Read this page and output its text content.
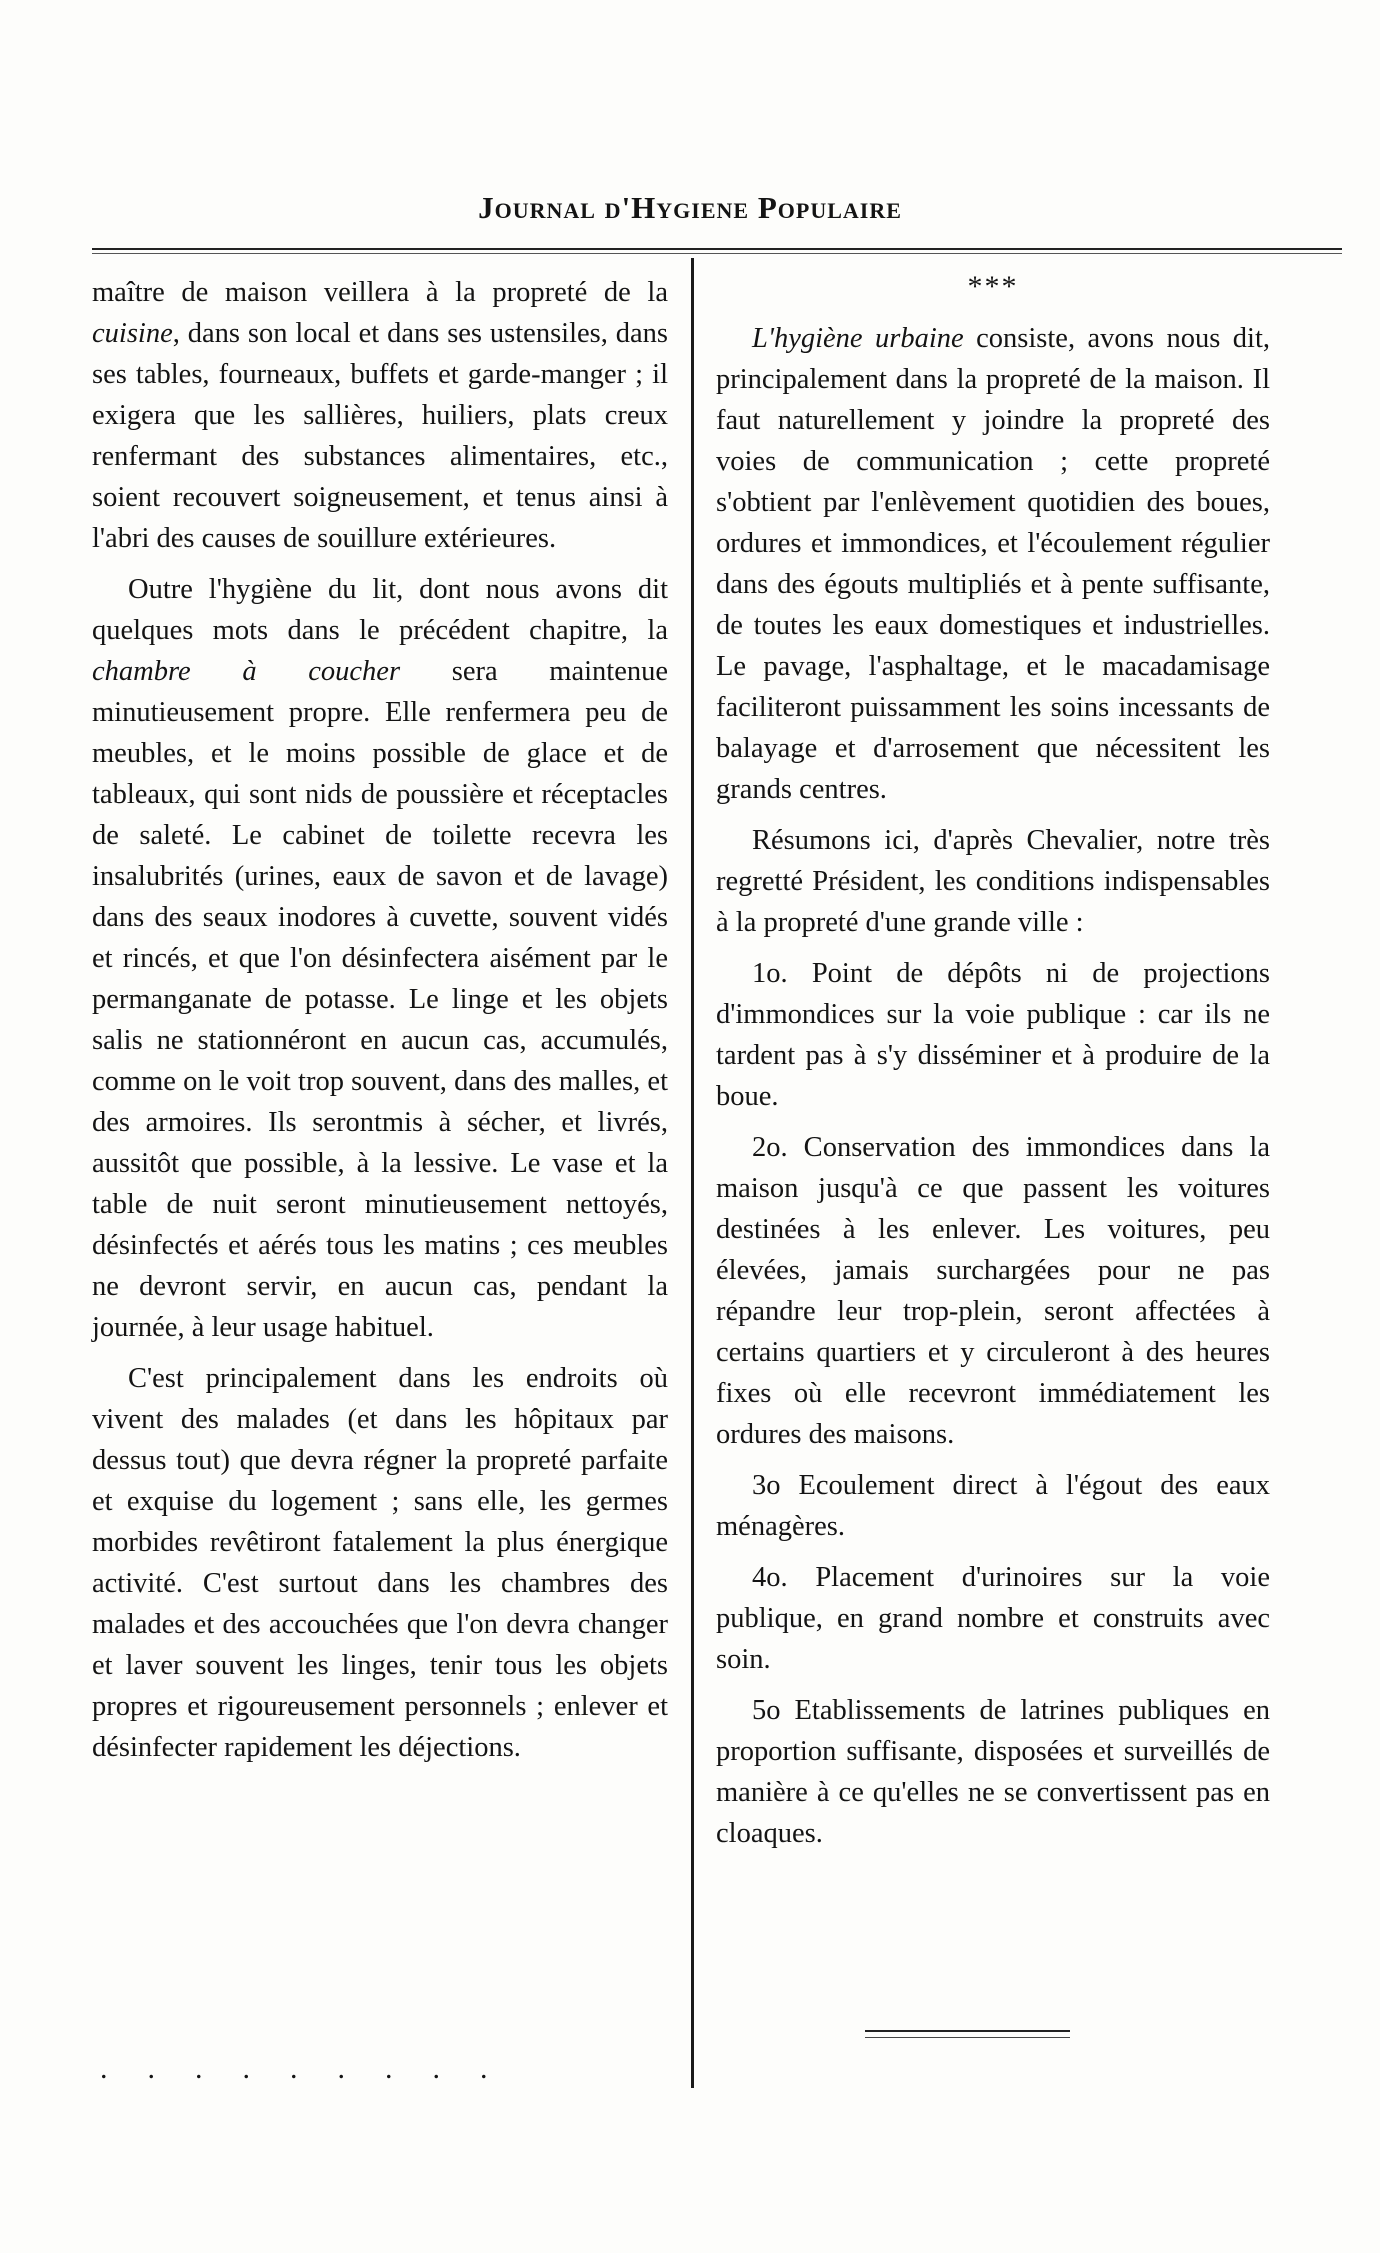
Journal d'Hygiene Populaire

maître de maison veillera à la propreté de la cuisine, dans son local et dans ses ustensiles, dans ses tables, fourneaux, buffets et garde-manger ; il exigera que les sallières, huiliers, plats creux renfermant des substances alimentaires, etc., soient recouvert soigneusement, et tenus ainsi à l'abri des causes de souillure extérieures.

Outre l'hygiène du lit, dont nous avons dit quelques mots dans le précédent chapitre, la chambre à coucher sera maintenue minutieusement propre. Elle renfermera peu de meubles, et le moins possible de glace et de tableaux, qui sont nids de poussière et réceptacles de saleté. Le cabinet de toilette recevra les insalubrités (urines, eaux de savon et de lavage) dans des seaux inodores à cuvette, souvent vidés et rincés, et que l'on désinfectera aisément par le permanganate de potasse. Le linge et les objets salis ne stationnéront en aucun cas, accumulés, comme on le voit trop souvent, dans des malles, et des armoires. Ils serontmis à sécher, et livrés, aussitôt que possible, à la lessive. Le vase et la table de nuit seront minutieusement nettoyés, désinfectés et aérés tous les matins ; ces meubles ne devront servir, en aucun cas, pendant la journée, à leur usage habituel.

C'est principalement dans les endroits où vivent des malades (et dans les hôpitaux par dessus tout) que devra régner la propreté parfaite et exquise du logement ; sans elle, les germes morbides revêtiront fatalement la plus énergique activité. C'est surtout dans les chambres des malades et des accouchées que l'on devra changer et laver souvent les linges, tenir tous les objets propres et rigoureusement personnels ; enlever et désinfecter rapidement les déjections.

.........
***

L'hygiène urbaine consiste, avons nous dit, principalement dans la propreté de la maison. Il faut naturellement y joindre la propreté des voies de communication ; cette propreté s'obtient par l'enlèvement quotidien des boues, ordures et immondices, et l'écoulement régulier dans des égouts multipliés et à pente suffisante, de toutes les eaux domestiques et industrielles. Le pavage, l'asphaltage, et le macadamisage faciliteront puissamment les soins incessants de balayage et d'arrosement que nécessitent les grands centres.

Résumons ici, d'après Chevalier, notre très regretté Président, les conditions indispensables à la propreté d'une grande ville :

1o. Point de dépôts ni de projections d'immondices sur la voie publique : car ils ne tardent pas à s'y disséminer et à produire de la boue.

2o. Conservation des immondices dans la maison jusqu'à ce que passent les voitures destinées à les enlever. Les voitures, peu élevées, jamais surchargées pour ne pas répandre leur trop-plein, seront affectées à certains quartiers et y circuleront à des heures fixes où elle recevront immédiatement les ordures des maisons.

3o Ecoulement direct à l'égout des eaux ménagères.

4o. Placement d'urinoires sur la voie publique, en grand nombre et construits avec soin.

5o Etablissements de latrines publiques en proportion suffisante, disposées et surveillés de manière à ce qu'elles ne se convertissent pas en cloaques.
